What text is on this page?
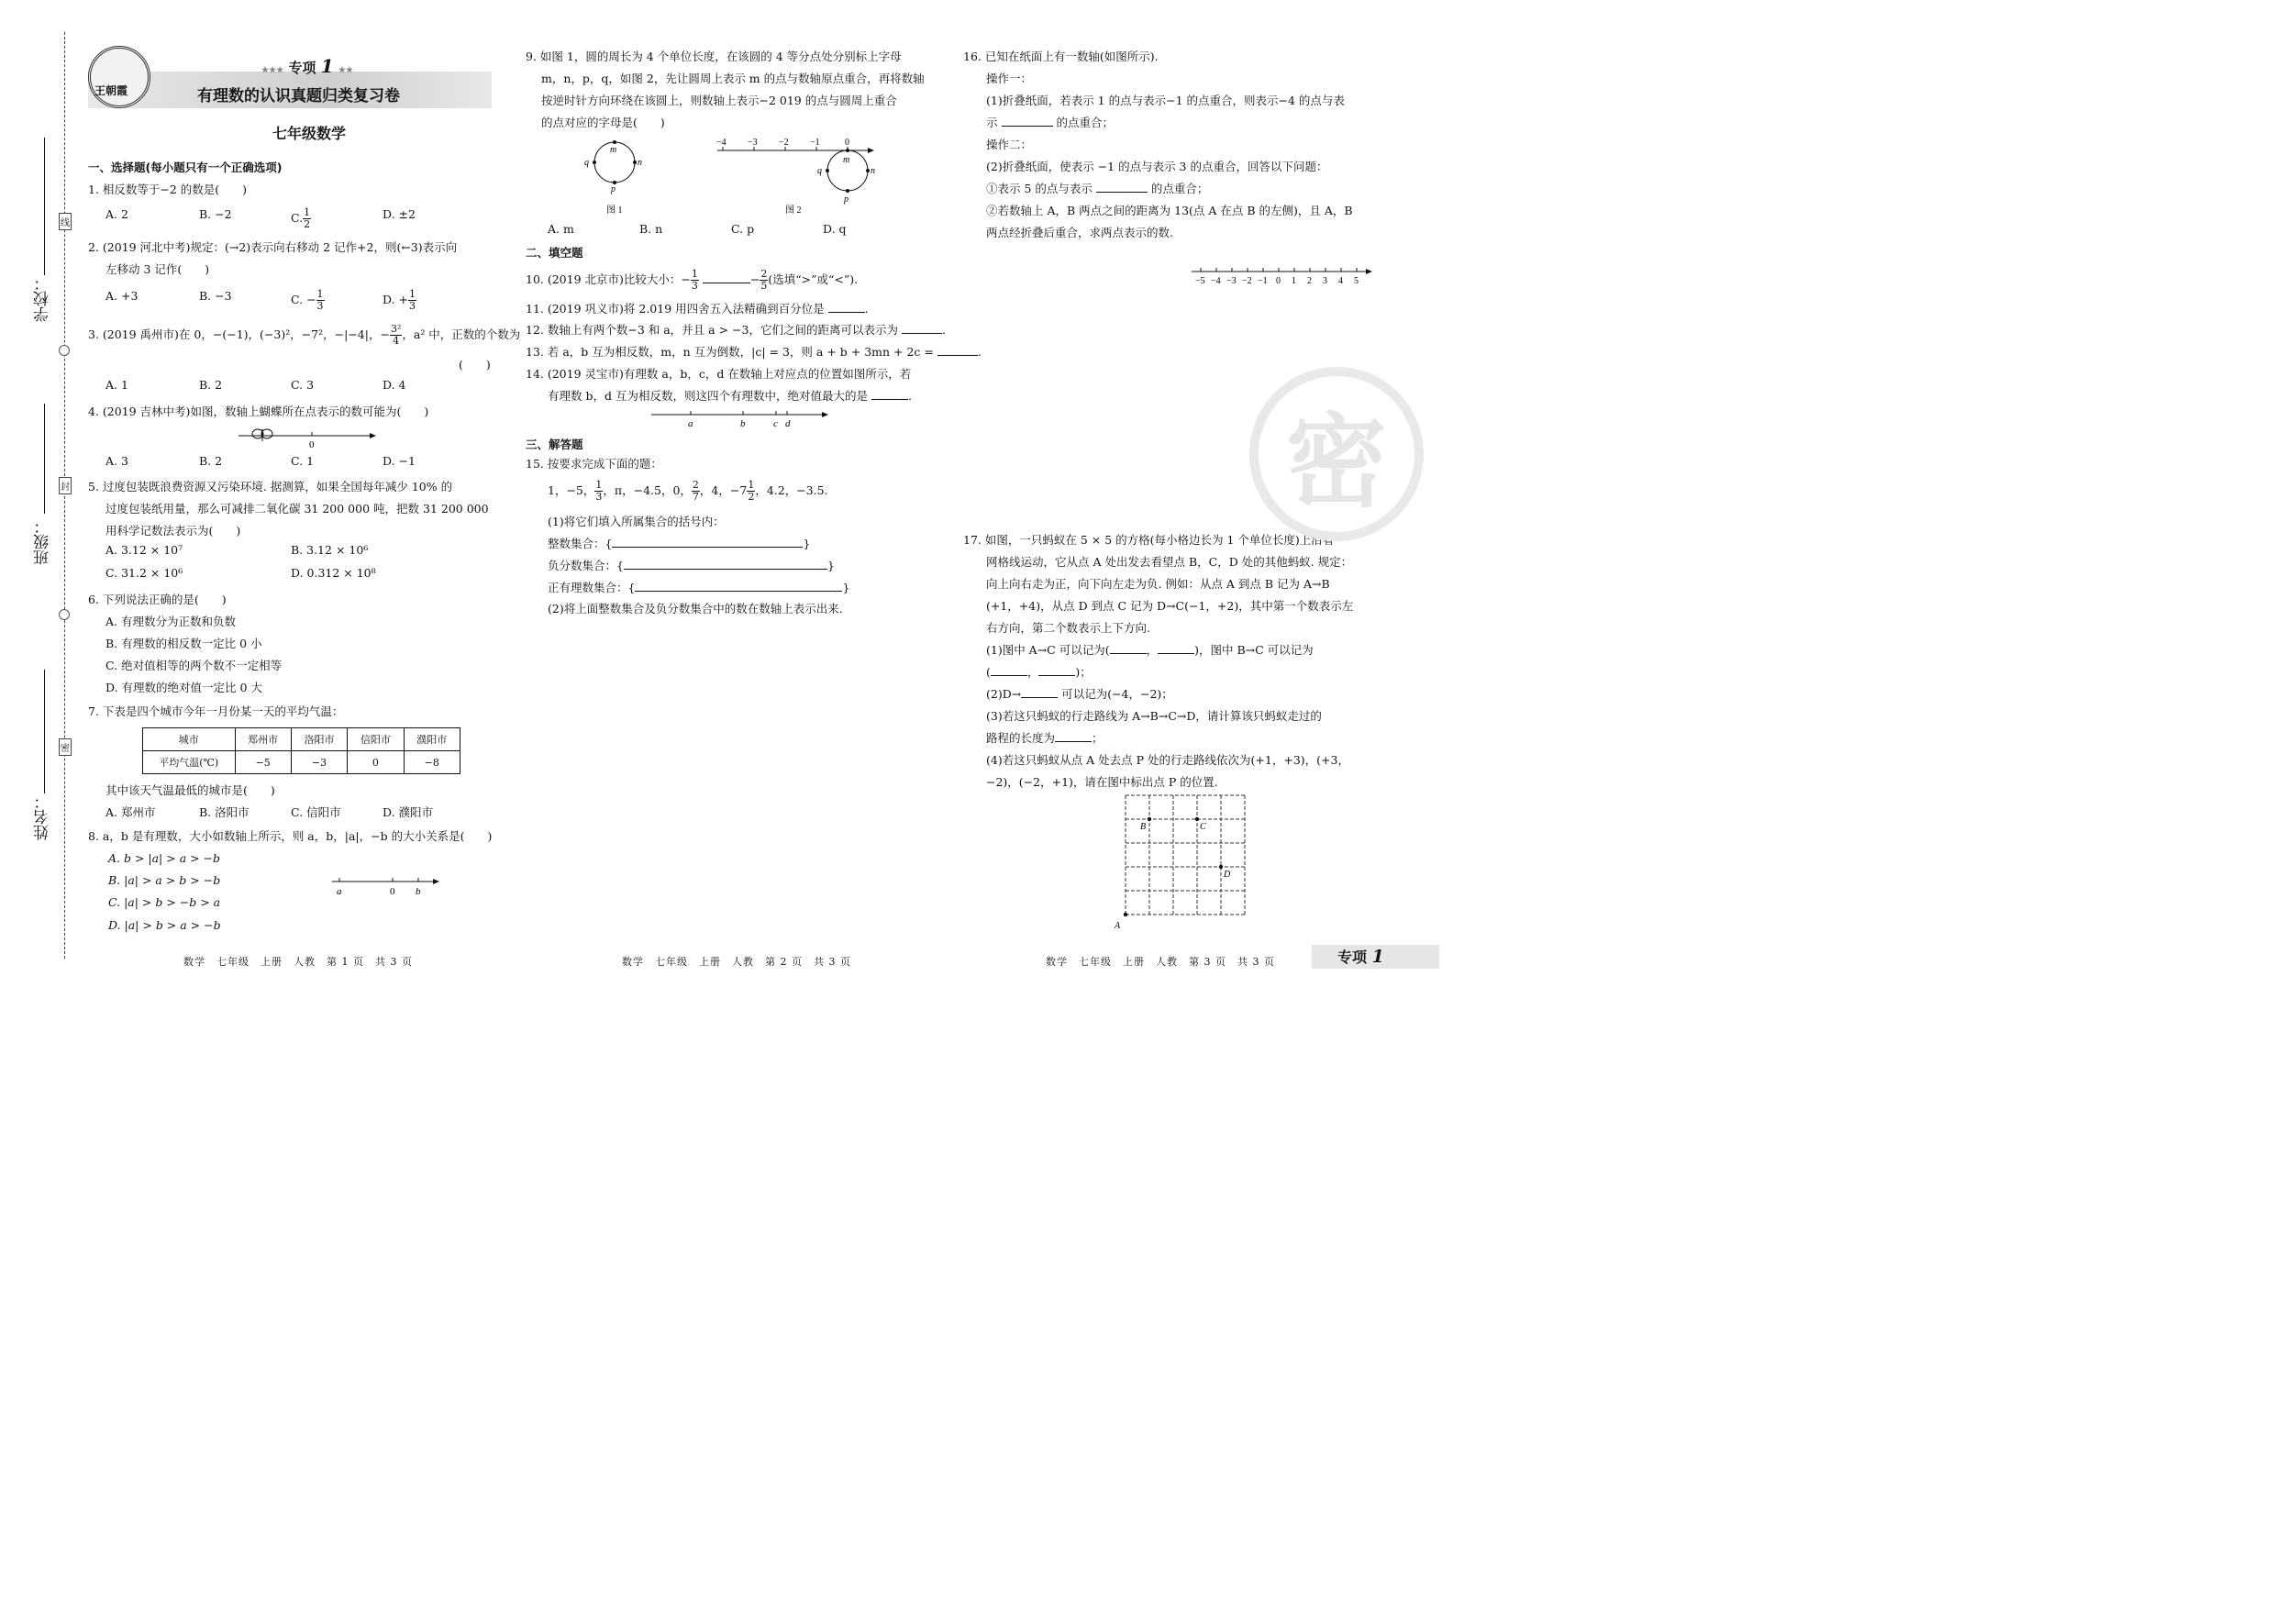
学校：
班级：
姓名：
线
封
密
王朝霞
★★★ 专项 1 ★★
有理数的认识真题归类复习卷
七年级数学
一、选择题(每小题只有一个正确选项)
1. 相反数等于−2 的数是(　　)
A. 2	B. −2	C. $\frac{1}{2}$	D. ±2
2. (2019 河北中考)规定：(→2)表示向右移动 2 记作+2，则(←3)表示向
左移动 3 记作(　　)
A. +3	B. −3	C. − $\frac{1}{3}$	D. + $\frac{1}{3}$
3. (2019 禹州市)在 0，−(−1)，(−3)²，−7²，−|−4|，− $\frac{\text{3²}}{4}$ ，a² 中，正数的个数为
(　　)
A. 1	B. 2	C. 3	D. 4
4. (2019 吉林中考)如图，数轴上蝴蝶所在点表示的数可能为(　　)
0
A. 3	B. 2	C. 1	D. −1
5. 过度包装既浪费资源又污染环境. 据测算，如果全国每年减少 10% 的
过度包装纸用量，那么可减排二氧化碳 31 200 000 吨，把数 31 200 000
用科学记数法表示为(　　)
A. 3.12 × 10⁷	B. 3.12 × 10⁶
C. 31.2 × 10⁶	D. 0.312 × 10⁸
6. 下列说法正确的是(　　)
A. 有理数分为正数和负数
B. 有理数的相反数一定比 0 小
C. 绝对值相等的两个数不一定相等
D. 有理数的绝对值一定比 0 大
7. 下表是四个城市今年一月份某一天的平均气温：
城市	郑州市	洛阳市	信阳市	濮阳市
平均气温(℃)	−5	−3	0	−8
其中该天气温最低的城市是(　　)
A. 郑州市	B. 洛阳市	C. 信阳市	D. 濮阳市
8. a，b 是有理数，大小如数轴上所示，则 a，b，|a|，−b 的大小关系是(　　)
A. b > |a| > a > −b
B. |a| > a > b > −b
C. |a| > b > −b > a
D. |a| > b > a > −b
a	0 b
数学　七年级　上册　人教　第 1 页　共 3 页
9. 如图 1，圆的周长为 4 个单位长度，在该圆的 4 等分点处分别标上字母
m，n，p，q，如图 2，先让圆周上表示 m 的点与数轴原点重合，再将数轴
按逆时针方向环绕在该圆上，则数轴上表示−2 019 的点与圆周上重合
的点对应的字母是(　　)
m
n
p
q
图 1
−4 −3 −2 −1	0
m
n
p
q
图 2
A. m	B. n	C. p	D. q
二、填空题
10. (2019 北京市)比较大小：− $\frac{1}{3}$	− $\frac{2}{5}$ (选填“>”或“<”).
11. (2019 巩义市)将 2.019 用四舍五入法精确到百分位是	.
12. 数轴上有两个数−3 和 a，并且 a > −3，它们之间的距离可以表示为	.
13. 若 a，b 互为相反数，m，n 互为倒数，|c| = 3，则 a + b + 3mn + 2c =	.
14. (2019 灵宝市)有理数 a，b，c，d 在数轴上对应点的位置如图所示，若
有理数 b，d 互为相反数，则这四个有理数中，绝对值最大的是	.
a	b	c d
三、解答题
15. 按要求完成下面的题：
1，−5， $\frac{1}{3}$ ，π，−4.5，0， $\frac{2}{7}$ ，4，$-7 \frac{1}{2}$ ，4.2，−3.5.
(1)将它们填入所属集合的括号内：
整数集合：{	}
负分数集合：{	}
正有理数集合：{	}
(2)将上面整数集合及负分数集合中的数在数轴上表示出来.
数学　七年级　上册　人教　第 2 页　共 3 页
16. 已知在纸面上有一数轴(如图所示).
操作一：
(1)折叠纸面，若表示 1 的点与表示−1 的点重合，则表示−4 的点与表
示	的点重合；
操作二：
(2)折叠纸面，使表示 −1 的点与表示 3 的点重合，回答以下问题：
①表示 5 的点与表示	的点重合；
②若数轴上 A，B 两点之间的距离为 13(点 A 在点 B 的左侧)，且 A，B
两点经折叠后重合，求两点表示的数.
−5 −4 −3 −2 −1 0 1 2 3 4 5
17. 如图，一只蚂蚁在 5 × 5 的方格(每小格边长为 1 个单位长度)上沿着
网格线运动，它从点 A 处出发去看望点 B，C，D 处的其他蚂蚁. 规定：
向上向右走为正，向下向左走为负. 例如：从点 A 到点 B 记为 A→B
(+1，+4)，从点 D 到点 C 记为 D→C(−1，+2)，其中第一个数表示左
右方向，第二个数表示上下方向.
(1)图中 A→C 可以记为(	，	)，图中 B→C 可以记为
(	，	)；
(2)D→	可以记为(−4，−2)；
(3)若这只蚂蚁的行走路线为 A→B→C→D，请计算该只蚂蚁走过的
路程的长度为	；
(4)若这只蚂蚁从点 A 处去点 P 处的行走路线依次为(+1，+3)，(+3，
−2)，(−2，+1)，请在图中标出点 P 的位置.
B	C
D
A
数学　七年级　上册　人教　第 3 页　共 3 页	专项 1
密
